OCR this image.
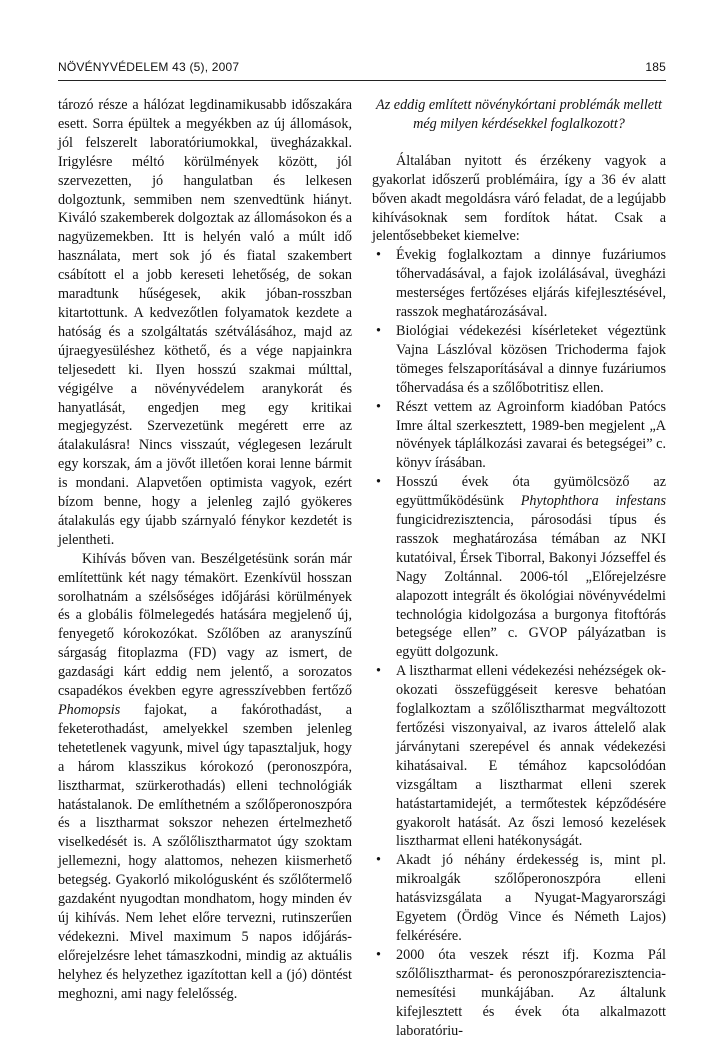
NÖVÉNYVÉDELEM 43 (5), 2007	185

tározó része a hálózat legdinamikusabb időszakára esett. Sorra épültek a megyékben az új állomások, jól felszerelt laboratóriumokkal, üvegházakkal. Irigylésre méltó körülmények között, jól szervezetten, jó hangulatban és lelkesen dolgoztunk, semmiben nem szenvedtünk hiányt. Kiváló szakemberek dolgoztak az állomásokon és a nagyüzemekben. Itt is helyén való a múlt idő használata, mert sok jó és fiatal szakembert csábított el a jobb kereseti lehetőség, de sokan maradtunk hűségesek, akik jóban-rosszban kitartottunk. A kedvezőtlen folyamatok kezdete a hatóság és a szolgáltatás szétválásához, majd az újraegyesüléshez köthető, és a vége napjainkra teljesedett ki. Ilyen hosszú szakmai múlttal, végigélve a növényvédelem aranykorát és hanyatlását, engedjen meg egy kritikai megjegyzést. Szervezetünk megérett erre az átalakulásra! Nincs visszaút, véglegesen lezárult egy korszak, ám a jövőt illetően korai lenne bármit is mondani. Alapvetően optimista vagyok, ezért bízom benne, hogy a jelenleg zajló gyökeres átalakulás egy újabb szárnyaló fénykor kezdetét is jelentheti.

Kihívás bőven van. Beszélgetésünk során már említettünk két nagy témakört. Ezenkívül hosszan sorolhatnám a szélsőséges időjárási körülmények és a globális fölmelegedés hatására megjelenő új, fenyegető kórokozókat. Szőlőben az aranyszínű sárgaság fitoplazma (FD) vagy az ismert, de gazdasági kárt eddig nem jelentő, a sorozatos csapadékos években egyre agresszívebben fertőző Phomopsis fajokat, a fakórothadást, a feketerothadást, amelyekkel szemben jelenleg tehetetlenek vagyunk, mivel úgy tapasztaljuk, hogy a három klasszikus kórokozó (peronoszpóra, lisztharmat, szürkerothadás) elleni technológiák hatástalanok. De említhetném a szőlőperonoszpóra és a lisztharmat sokszor nehezen értelmezhető viselkedését is. A szőlőlisztharmatot úgy szoktam jellemezni, hogy alattomos, nehezen kiismerhető betegség. Gyakorló mikológusként és szőlőtermelő gazdaként nyugodtan mondhatom, hogy minden év új kihívás. Nem lehet előre tervezni, rutinszerűen védekezni. Mivel maximum 5 napos időjárás-előrejelzésre lehet támaszkodni, mindig az aktuális helyhez és helyzethez igazítottan kell a (jó) döntést meghozni, ami nagy felelősség.

Az eddig említett növénykórtani problémák mellett még milyen kérdésekkel foglalkozott?

Általában nyitott és érzékeny vagyok a gyakorlat időszerű problémáira, így a 36 év alatt bőven akadt megoldásra váró feladat, de a legújabb kihívásoknak sem fordítok hátat. Csak a jelentősebbeket kiemelve:

• Évekig foglalkoztam a dinnye fuzáriumos tőhervadásával, a fajok izolálásával, üvegházi mesterséges fertőzéses eljárás kifejlesztésével, rasszok meghatározásával.
• Biológiai védekezési kísérleteket végeztünk Vajna Lászlóval közösen Trichoderma fajok tömeges felszaporításával a dinnye fuzáriumos tőhervadása és a szőlőbotritisz ellen.
• Részt vettem az Agroinform kiadóban Patócs Imre által szerkesztett, 1989-ben megjelent „A növények táplálkozási zavarai és betegségei” c. könyv írásában.
• Hosszú évek óta gyümölcsöző az együttműködésünk Phytophthora infestans fungicidrezisztencia, párosodási típus és rasszok meghatározása témában az NKI kutatóival, Érsek Tiborral, Bakonyi Józseffel és Nagy Zoltánnal. 2006-tól „Előrejelzésre alapozott integrált és ökológiai növényvédelmi technológia kidolgozása a burgonya fitoftórás betegsége ellen” c. GVOP pályázatban is együtt dolgozunk.
• A lisztharmat elleni védekezési nehézségek ok-okozati összefüggéseit keresve behatóan foglalkoztam a szőlőlisztharmat megváltozott fertőzési viszonyaival, az ivaros áttelelő alak járványtani szerepével és annak védekezési kihatásaival. E témához kapcsolódóan vizsgáltam a lisztharmat elleni szerek hatástartamidejét, a termőtestek képződésére gyakorolt hatását. Az őszi lemosó kezelések lisztharmat elleni hatékonyságát.
• Akadt jó néhány érdekesség is, mint pl. mikroalgák szőlőperonoszpóra elleni hatásvizsgálata a Nyugat-Magyarországi Egyetem (Ördög Vince és Németh Lajos) felkérésére.
• 2000 óta veszek részt ifj. Kozma Pál szőlőlisztharmat- és peronoszpórarezisztencia-nemesítési munkájában. Az általunk kifejlesztett és évek óta alkalmazott laboratóriu-
